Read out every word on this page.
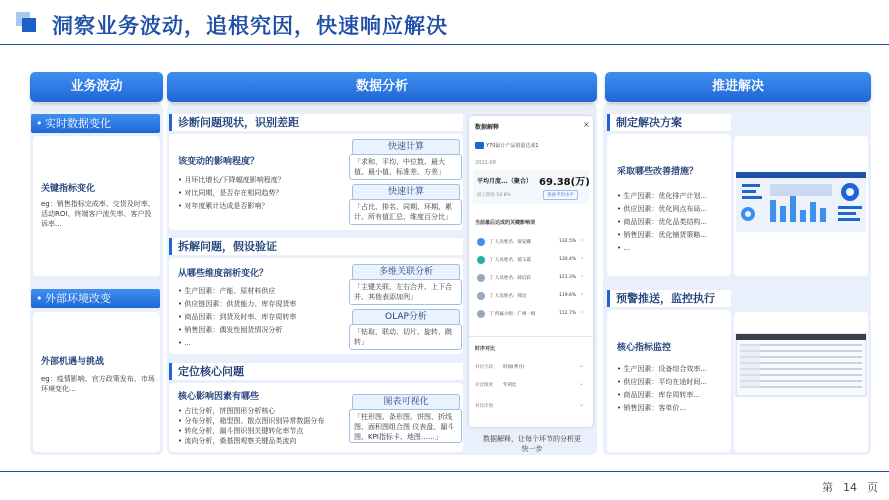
洞察业务波动，追根究因，快速响应解决
业务波动	数据分析	推进解决
• 实时数据变化
关键指标变化
eg：销售指标完成率、交货及时率、活动ROI、终端客户流失率、客户投诉率...
• 外部环境改变
外部机遇与挑战
eg：疫情影响、官方政策发布、市场环境变化...
诊断问题现状，识别差距
该变动的影响程度？
• 月环比增长/下降幅度影响程度？
• 对比同期，是否存在相同趋势？
• 对年度累计达成是否影响？
快速计算
「求和、平均、中位数、最大值、最小值、标准差、方差」
快速计算
「占比、排名、同期、环期、累计、所有值汇总、维度百分比」
拆解问题，假设验证
从哪些维度剖析变化？
• 生产因素：产能、原材料供应
• 供应链因素：供货能力、库存现货率
• 商品因素：到货及时率、库存周转率
• 销售因素：偶发性囤货情况分析
• ...
多维关联分析
「主键关联、左右合并、上下合并、其他表添加列」
OLAP分析
「钻取、联动、切片、旋转、跳转」
定位核心问题
核心影响因素有哪些
• 占比分析，饼图图形分析核心
• 分布分析，箱型图、散点图识别异常数据分布
• 转化分析，漏斗图识别关键转化率节点
• 流向分析，桑基图观察关键品类流向
图表可视化
「柱形图、条形图、饼图、折线图、面积图组合图 仪表盘、漏斗图、KPI指标卡、地图……」
数据解释	×
Y70最计产品销量达成1
2022-08
平均月度...（聚合） 69.38(万)
较上期值 54.8%	查看平均水平
当前最后达成的关键影响项
丁 人员姓名：郝安娜	132.5% ›
丁 人员姓名：郝玉霞	130.4% ›
丁 人员姓名：韩启彩	121.3% ›
丁 人员姓名：韩昌	119.6% ›
丁 所属小组：广州一组	112.7% ›
时序对比
对比字段 时间(季月)	⌄
对比维度 年初比	⌄
对比详情	⌄
数据解释，让每个环节的分析更快一步
制定解决方案
采取哪些改善措施？
• 生产因素：优化排产计划...
• 供应因素：优化网点布局...
• 商品因素：优化品类结构...
• 销售因素：优化铺货策略...
• ...
预警推送，监控执行
核心指标监控
• 生产因素：设备综合效率...
• 供应因素：平均在途时间...
• 商品因素：库存周转率...
• 销售因素：客单价...
第 14 页
